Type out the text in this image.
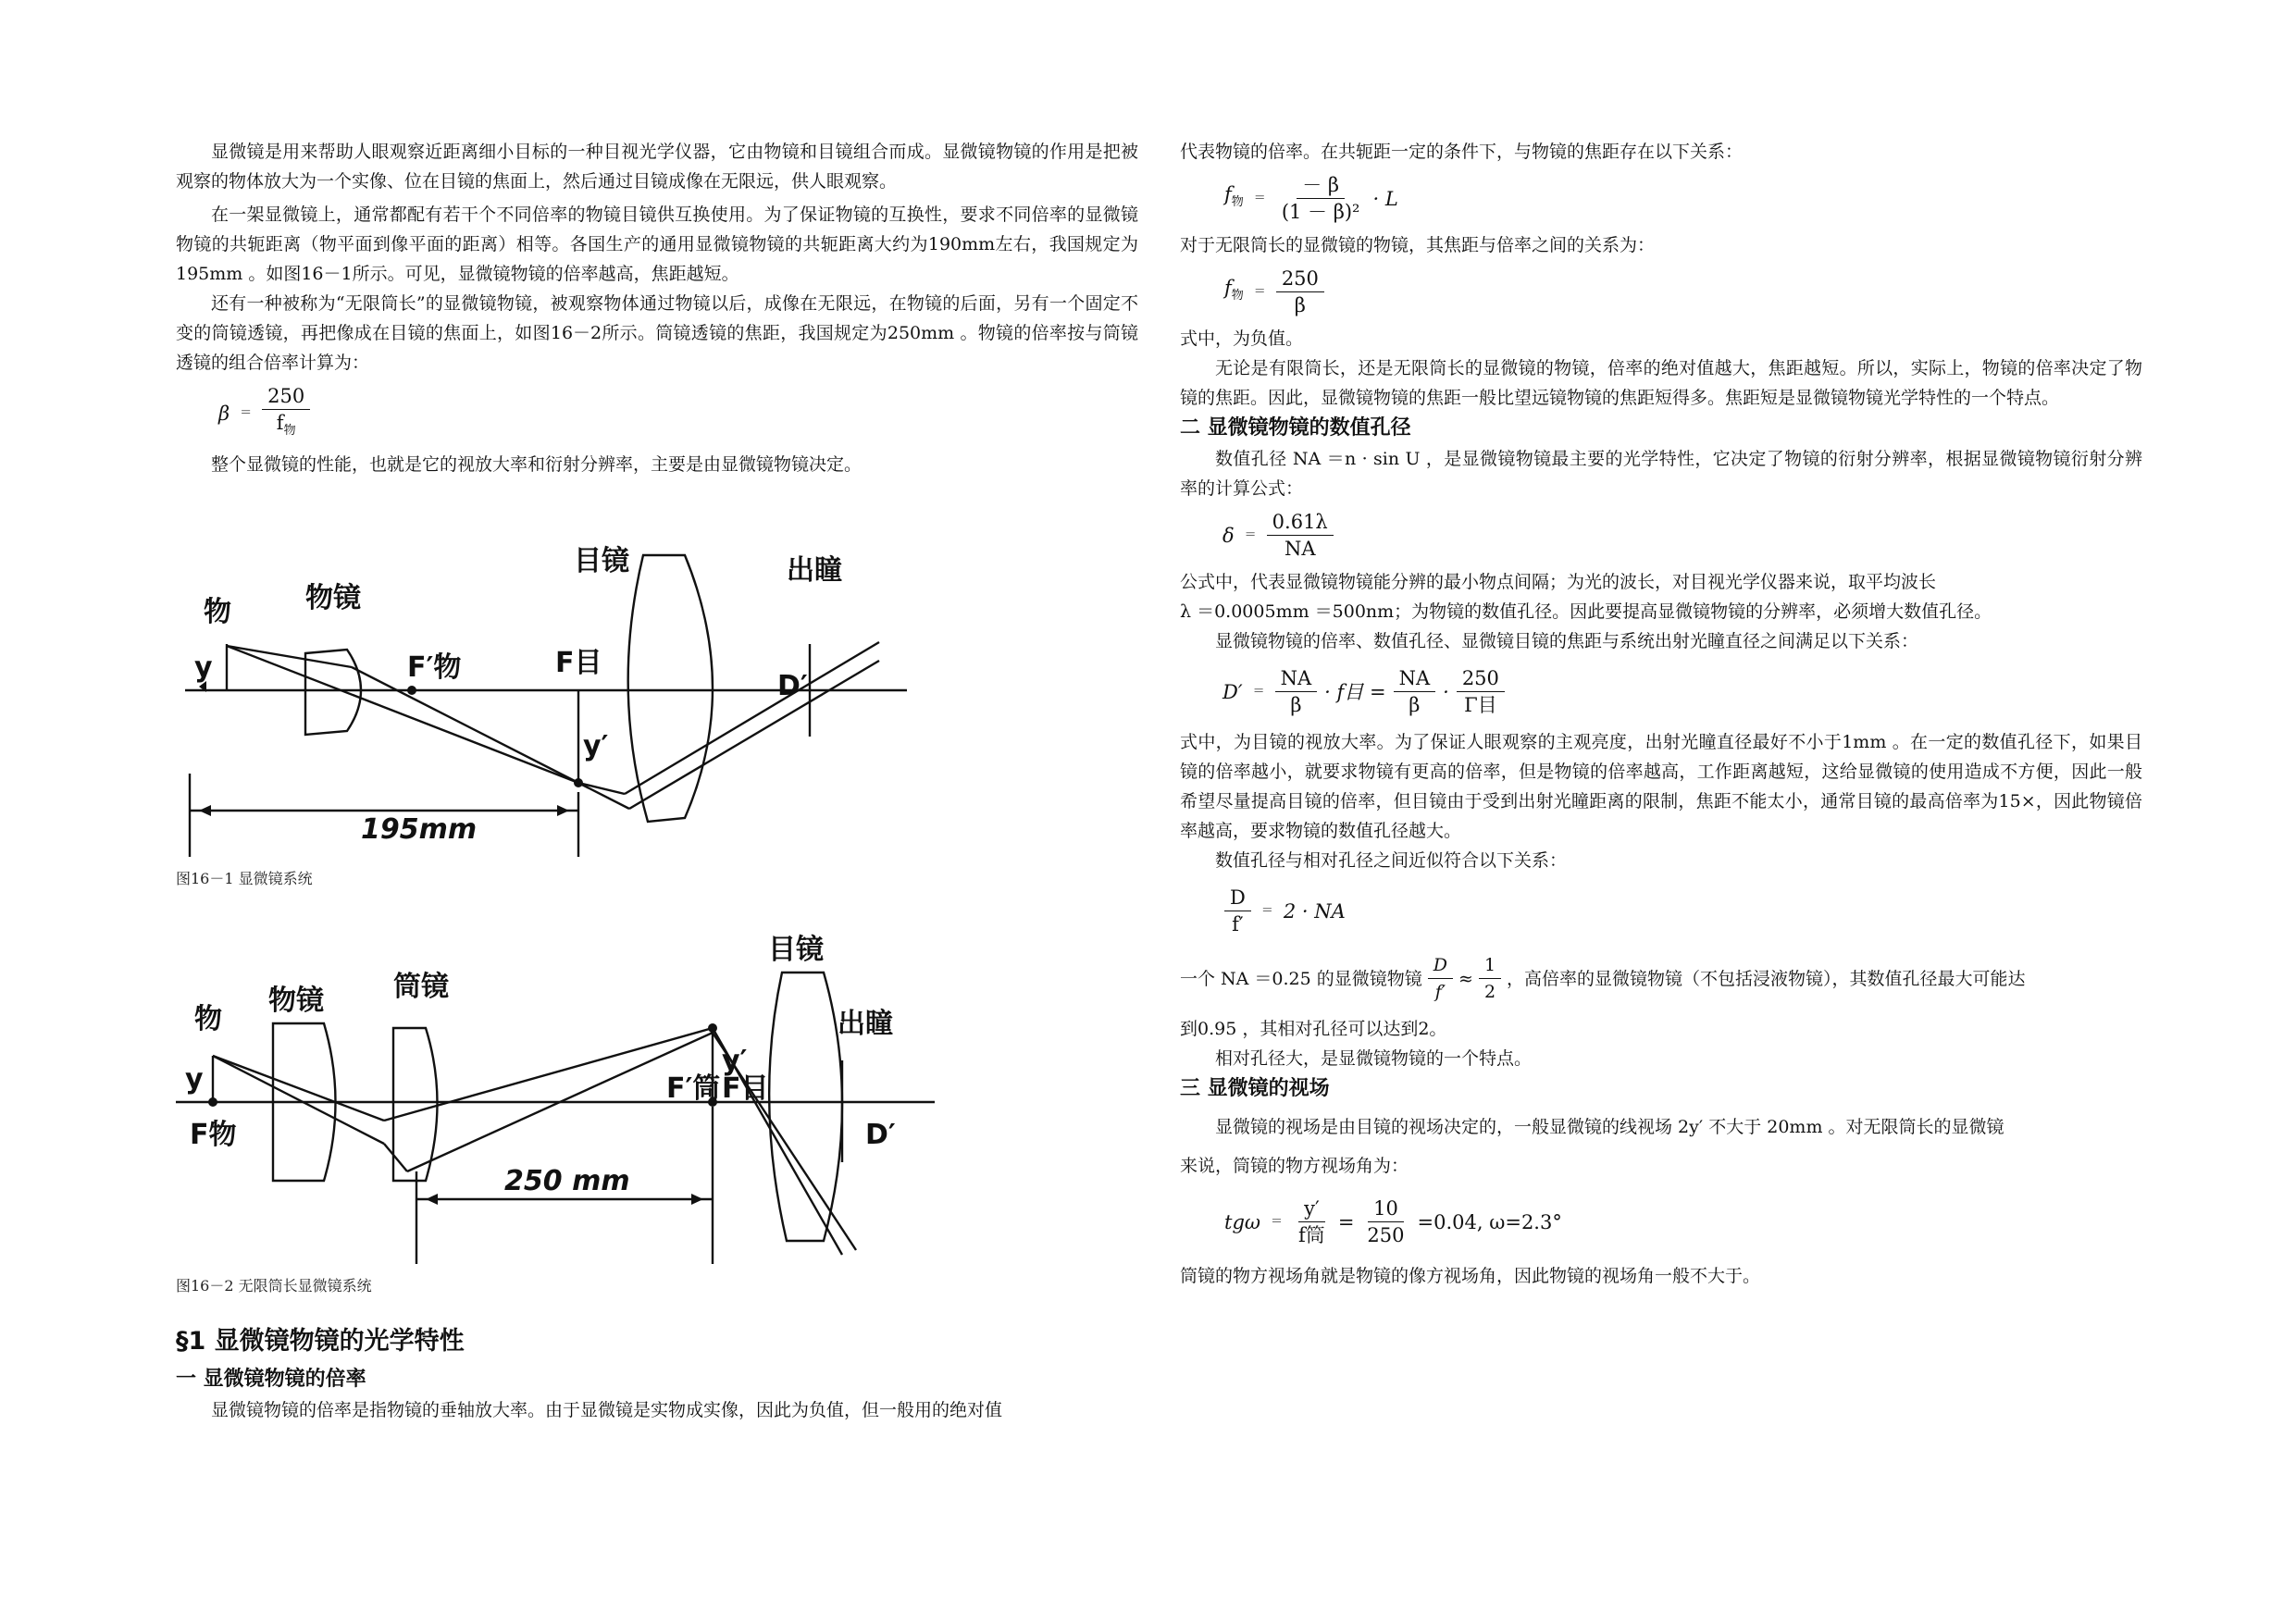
显微镜是用来帮助人眼观察近距离细小目标的一种目视光学仪器，它由物镜和目镜组合而成。显微镜物镜的作用是把被观察的物体放大为一个实像、位在目镜的焦面上，然后通过目镜成像在无限远，供人眼观察。

在一架显微镜上，通常都配有若干个不同倍率的物镜目镜供互换使用。为了保证物镜的互换性，要求不同倍率的显微镜物镜的共轭距离（物平面到像平面的距离）相等。各国生产的通用显微镜物镜的共轭距离大约为190mm左右，我国规定为195mm 。如图16－1所示。可见，显微镜物镜的倍率越高，焦距越短。

还有一种被称为“无限筒长”的显微镜物镜，被观察物体通过物镜以后，成像在无限远，在物镜的后面，另有一个固定不变的筒镜透镜，再把像成在目镜的焦面上，如图16－2所示。筒镜透镜的焦距，我国规定为250mm 。物镜的倍率按与筒镜透镜的组合倍率计算为：

$\beta = \frac{250}{f_物}$

整个显微镜的性能，也就是它的视放大率和衍射分辨率，主要是由显微镜物镜决定。

物
y
物镜
F′物	F目
y′
目镜	出瞳
D′
195mm
图16－1 显微镜系统
物
y
F物
物镜	筒镜
目镜
出瞳
y′
F′筒 F目
D′
250 mm
图16－2 无限筒长显微镜系统
§1 显微镜物镜的光学特性
一 显微镜物镜的倍率

显微镜物镜的倍率是指物镜的垂轴放大率。由于显微镜是实物成实像，因此为负值，但一般用的绝对值

代表物镜的倍率。在共轭距一定的条件下，与物镜的焦距存在以下关系：

$f_物 = \frac{- \beta}{\text{(1 － β)²}} \cdot L$

对于无限筒长的显微镜的物镜，其焦距与倍率之间的关系为：

$f_物 = \frac{250}{\beta}$

式中，为负值。

无论是有限筒长，还是无限筒长的显微镜的物镜，倍率的绝对值越大，焦距越短。所以，实际上，物镜的倍率决定了物镜的焦距。因此，显微镜物镜的焦距一般比望远镜物镜的焦距短得多。焦距短是显微镜物镜光学特性的一个特点。

二 显微镜物镜的数值孔径

数值孔径 NA ＝n · sin U ，是显微镜物镜最主要的光学特性，它决定了物镜的衍射分辨率，根据显微镜物镜衍射分辨率的计算公式：

$\delta = \frac{0.61\lambda}{NA}$

公式中，代表显微镜物镜能分辨的最小物点间隔；为光的波长，对目视光学仪器来说，取平均波长

λ ＝0.0005mm ＝500nm；为物镜的数值孔径。因此要提高显微镜物镜的分辨率，必须增大数值孔径。

显微镜物镜的倍率、数值孔径、显微镜目镜的焦距与系统出射光瞳直径之间满足以下关系：

$D' = \frac{NA}{\beta} \cdot f$目 = $\frac{NA}{\beta} \cdot \frac{250}{\text{Γ目}}$

式中，为目镜的视放大率。为了保证人眼观察的主观亮度，出射光瞳直径最好不小于1mm 。在一定的数值孔径下，如果目镜的倍率越小，就要求物镜有更高的倍率，但是物镜的倍率越高，工作距离越短，这给显微镜的使用造成不方便，因此一般希望尽量提高目镜的倍率，但目镜由于受到出射光瞳距离的限制，焦距不能太小，通常目镜的最高倍率为15×，因此物镜倍率越高，要求物镜的数值孔径越大。

数值孔径与相对孔径之间近似符合以下关系：

$\frac{D}{f'} = 2$ · NA

一个 NA ＝0.25 的显微镜物镜 $\frac{D}{f'} \approx \frac{1}{2}$ ，高倍率的显微镜物镜（不包括浸液物镜），其数值孔径最大可能达

到0.95 ，其相对孔径可以达到2。

相对孔径大，是显微镜物镜的一个特点。

三 显微镜的视场

显微镜的视场是由目镜的视场决定的，一般显微镜的线视场 2y′ 不大于 20mm 。对无限筒长的显微镜

来说，筒镜的物方视场角为：

$tg\omega = \frac{y'}{\text{f筒}} = \frac{10}{250} =0.04$, ω=2.3°

筒镜的物方视场角就是物镜的像方视场角，因此物镜的视场角一般不大于。
